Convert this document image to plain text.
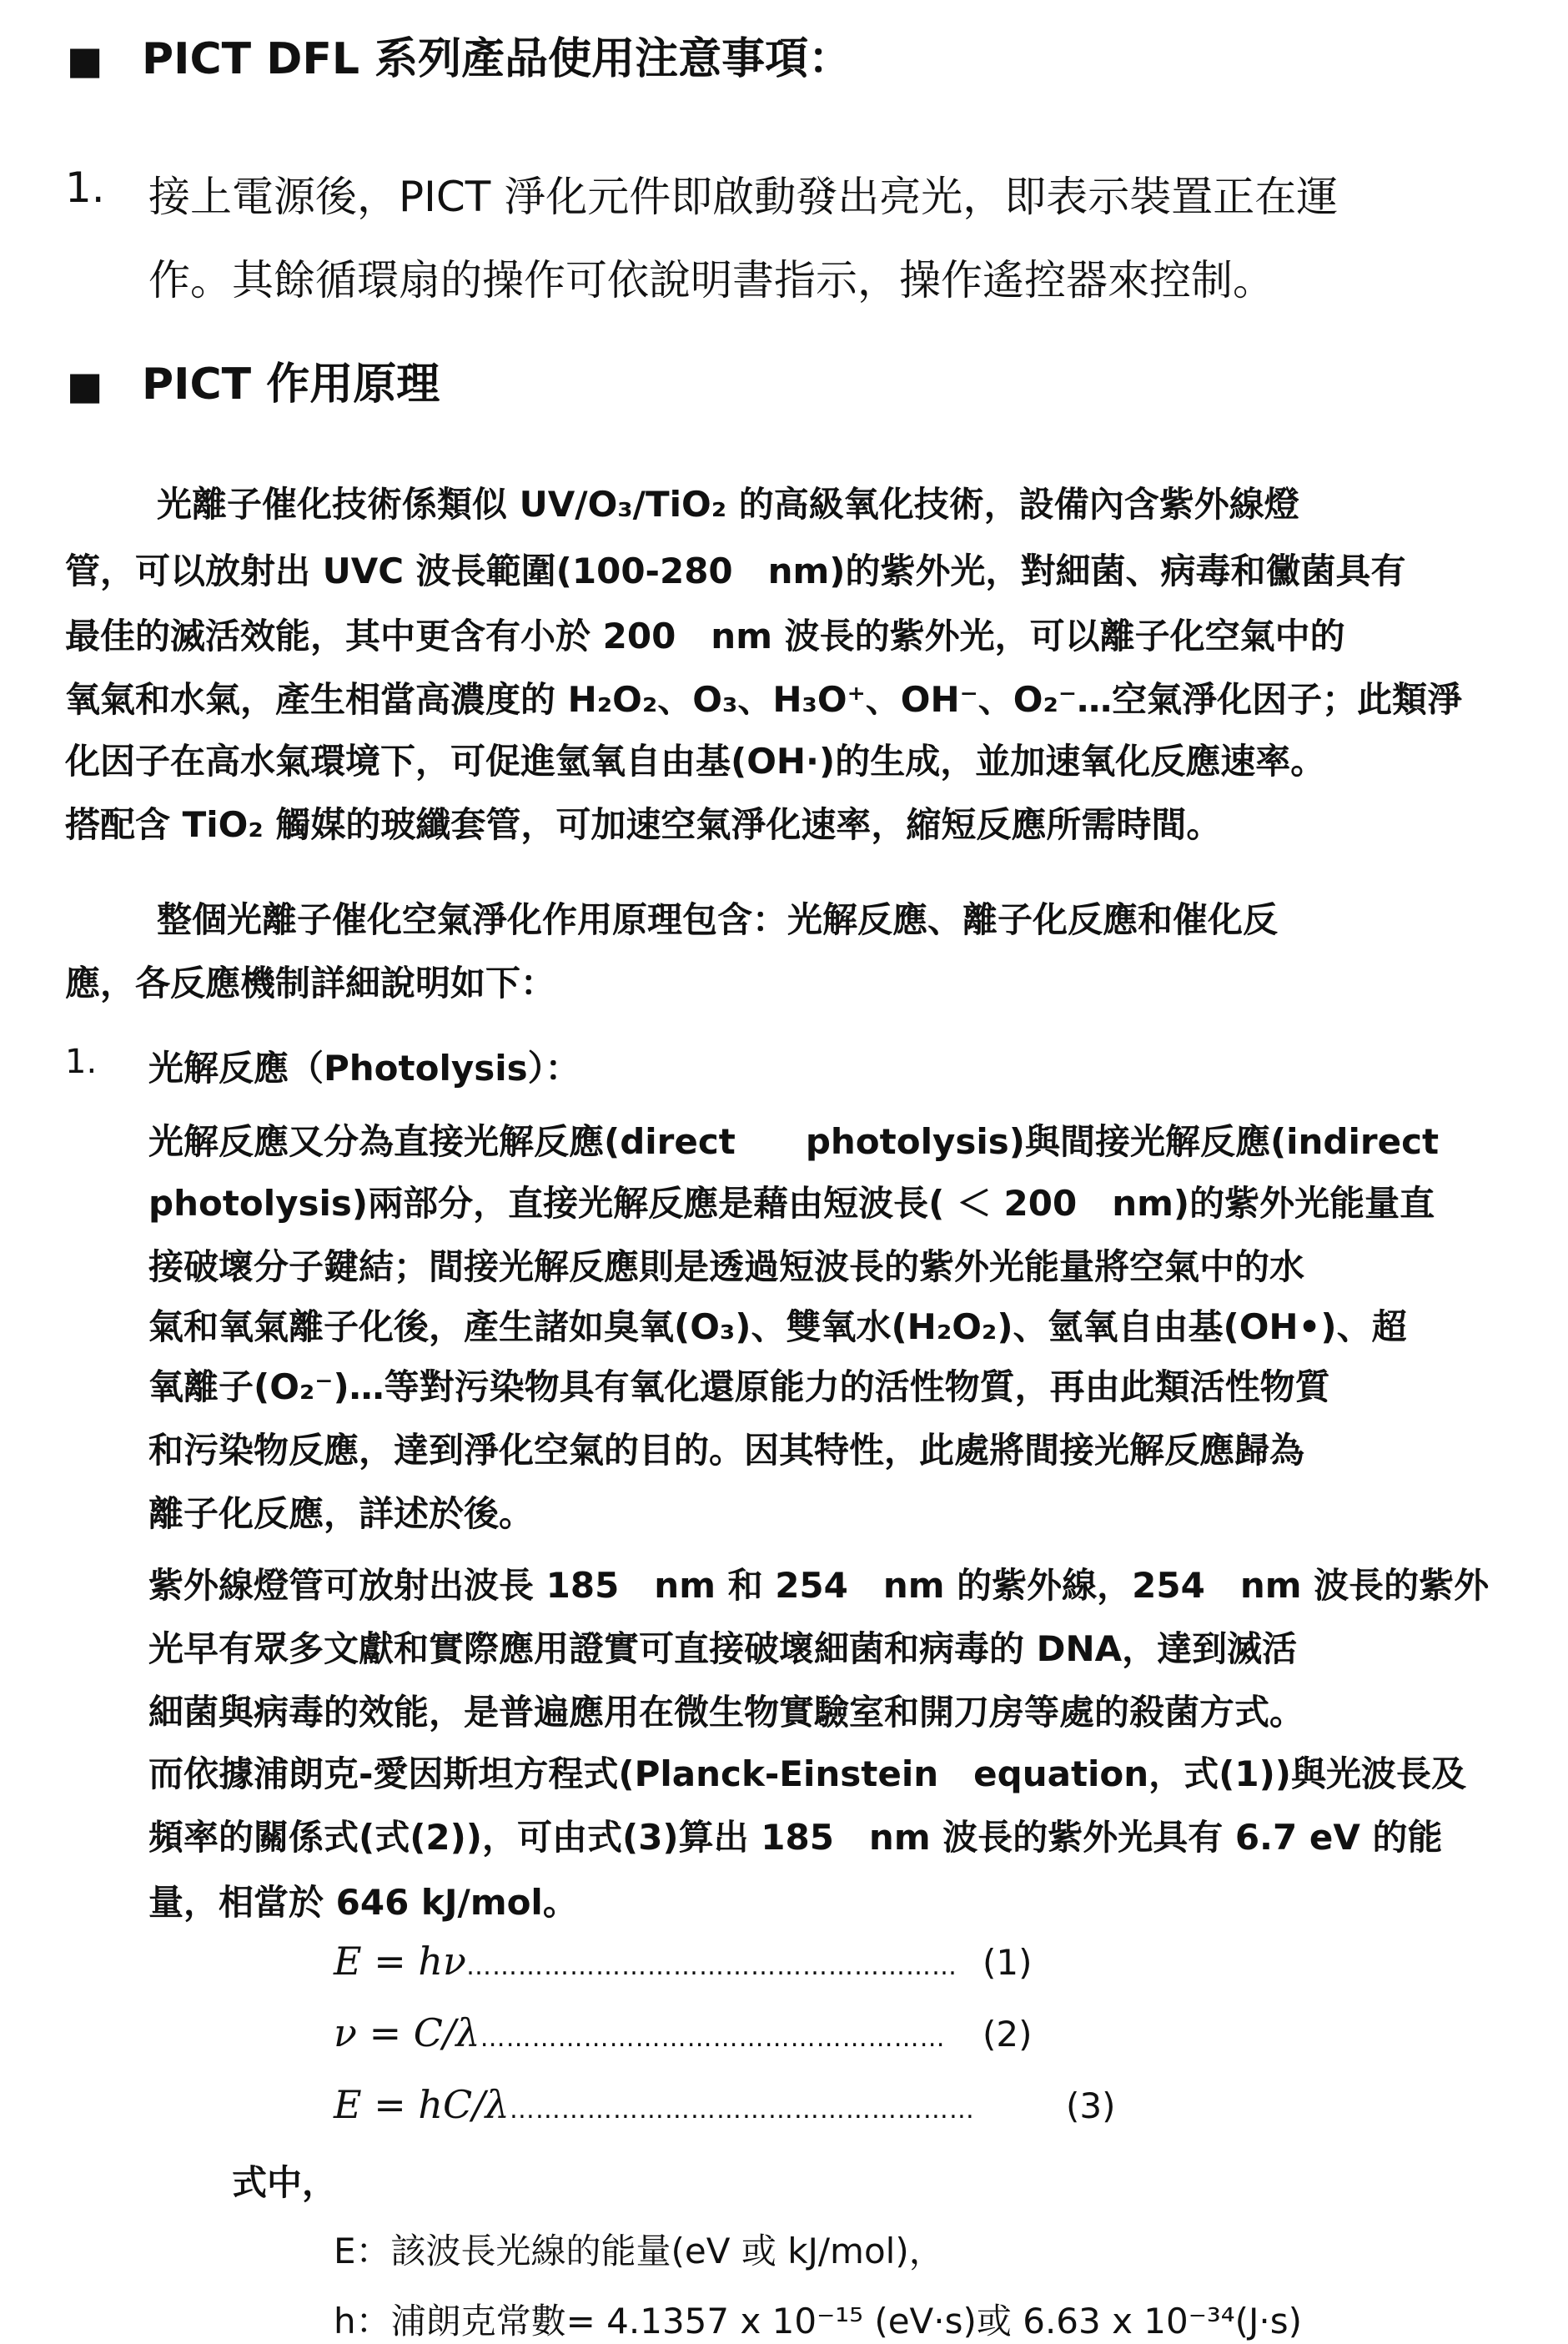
■ PICT DFL 系列產品使用注意事項：
1. 接上電源後，PICT 淨化元件即啟動發出亮光，即表示裝置正在運
作。其餘循環扇的操作可依說明書指示，操作遙控器來控制。
■ PICT 作用原理
光離子催化技術係類似 UV/O₃/TiO₂ 的高級氧化技術，設備內含紫外線燈
管，可以放射出 UVC 波長範圍(100-280　nm)的紫外光，對細菌、病毒和黴菌具有
最佳的滅活效能，其中更含有小於 200　nm 波長的紫外光，可以離子化空氣中的
氧氣和水氣，產生相當高濃度的 H₂O₂、O₃、H₃O⁺、OH⁻、O₂⁻…空氣淨化因子；此類淨
化因子在高水氣環境下，可促進氫氧自由基(OH·)的生成，並加速氧化反應速率。
搭配含 TiO₂ 觸媒的玻纖套管，可加速空氣淨化速率，縮短反應所需時間。
整個光離子催化空氣淨化作用原理包含：光解反應、離子化反應和催化反
應，各反應機制詳細說明如下：
1. 光解反應（Photolysis）：
光解反應又分為直接光解反應(direct　　photolysis)與間接光解反應(indirect
photolysis)兩部分，直接光解反應是藉由短波長( ＜ 200　nm)的紫外光能量直
接破壞分子鍵結；間接光解反應則是透過短波長的紫外光能量將空氣中的水
氣和氧氣離子化後，產生諸如臭氧(O₃)、雙氧水(H₂O₂)、氫氧自由基(OH•)、超
氧離子(O₂⁻)…等對污染物具有氧化還原能力的活性物質，再由此類活性物質
和污染物反應，達到淨化空氣的目的。因其特性，此處將間接光解反應歸為
離子化反應，詳述於後。
紫外線燈管可放射出波長 185　nm 和 254　nm 的紫外線，254　nm 波長的紫外
光早有眾多文獻和實際應用證實可直接破壞細菌和病毒的 DNA，達到滅活
細菌與病毒的效能，是普遍應用在微生物實驗室和開刀房等處的殺菌方式。
而依據浦朗克-愛因斯坦方程式(Planck-Einstein　equation，式(1))與光波長及
頻率的關係式(式(2))，可由式(3)算出 185　nm 波長的紫外光具有 6.7 eV 的能
量，相當於 646 kJ/mol。
E = hν………………………………………………… (1)
ν = C/λ……………………………………………… (2)
E = hC/λ………………………………………………	(3)
式中，
E：該波長光線的能量(eV 或 kJ/mol)，
h：浦朗克常數= 4.1357 x 10⁻¹⁵ (eV·s)或 6.63 x 10⁻³⁴(J·s)
